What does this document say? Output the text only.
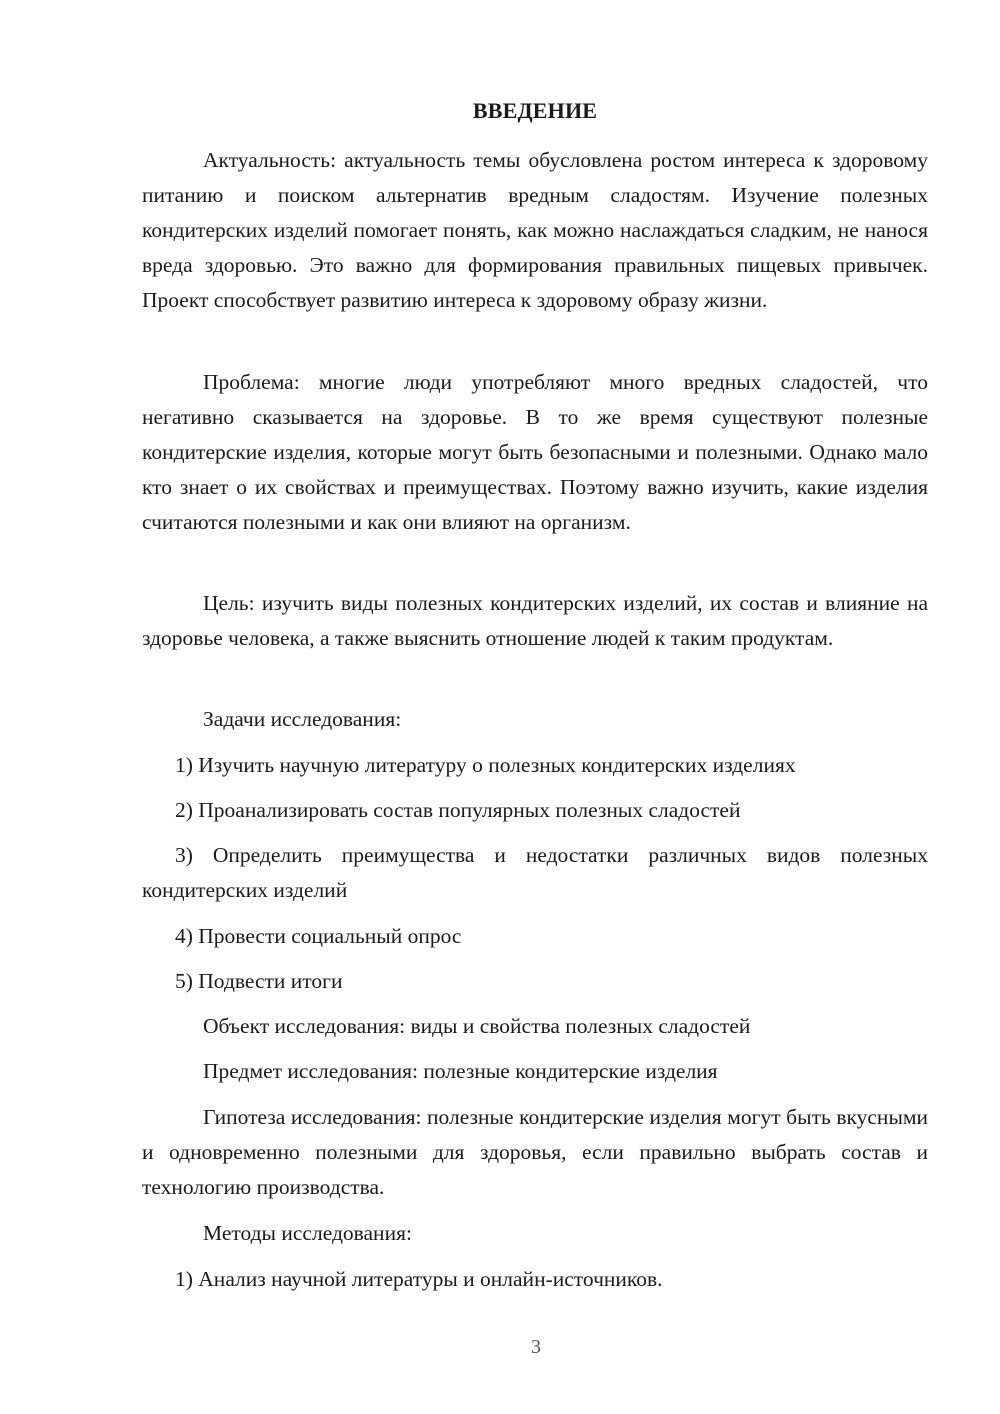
ВВЕДЕНИЕ
Актуальность: актуальность темы обусловлена ростом интереса к здоровому питанию и поиском альтернатив вредным сладостям. Изучение полезных кондитерских изделий помогает понять, как можно наслаждаться сладким, не нанося вреда здоровью. Это важно для формирования правильных пищевых привычек. Проект способствует развитию интереса к здоровому образу жизни.
Проблема: многие люди употребляют много вредных сладостей, что негативно сказывается на здоровье. В то же время существуют полезные кондитерские изделия, которые могут быть безопасными и полезными. Однако мало кто знает о их свойствах и преимуществах. Поэтому важно изучить, какие изделия считаются полезными и как они влияют на организм.
Цель: изучить виды полезных кондитерских изделий, их состав и влияние на здоровье человека, а также выяснить отношение людей к таким продуктам.
Задачи исследования:
1) Изучить научную литературу о полезных кондитерских изделиях
2) Проанализировать состав популярных полезных сладостей
3) Определить преимущества и недостатки различных видов полезных кондитерских изделий
4) Провести социальный опрос
5) Подвести итоги
Объект исследования: виды и свойства полезных сладостей
Предмет исследования: полезные кондитерские изделия
Гипотеза исследования: полезные кондитерские изделия могут быть вкусными и одновременно полезными для здоровья, если правильно выбрать состав и технологию производства.
Методы исследования:
1) Анализ научной литературы и онлайн-источников.
3
